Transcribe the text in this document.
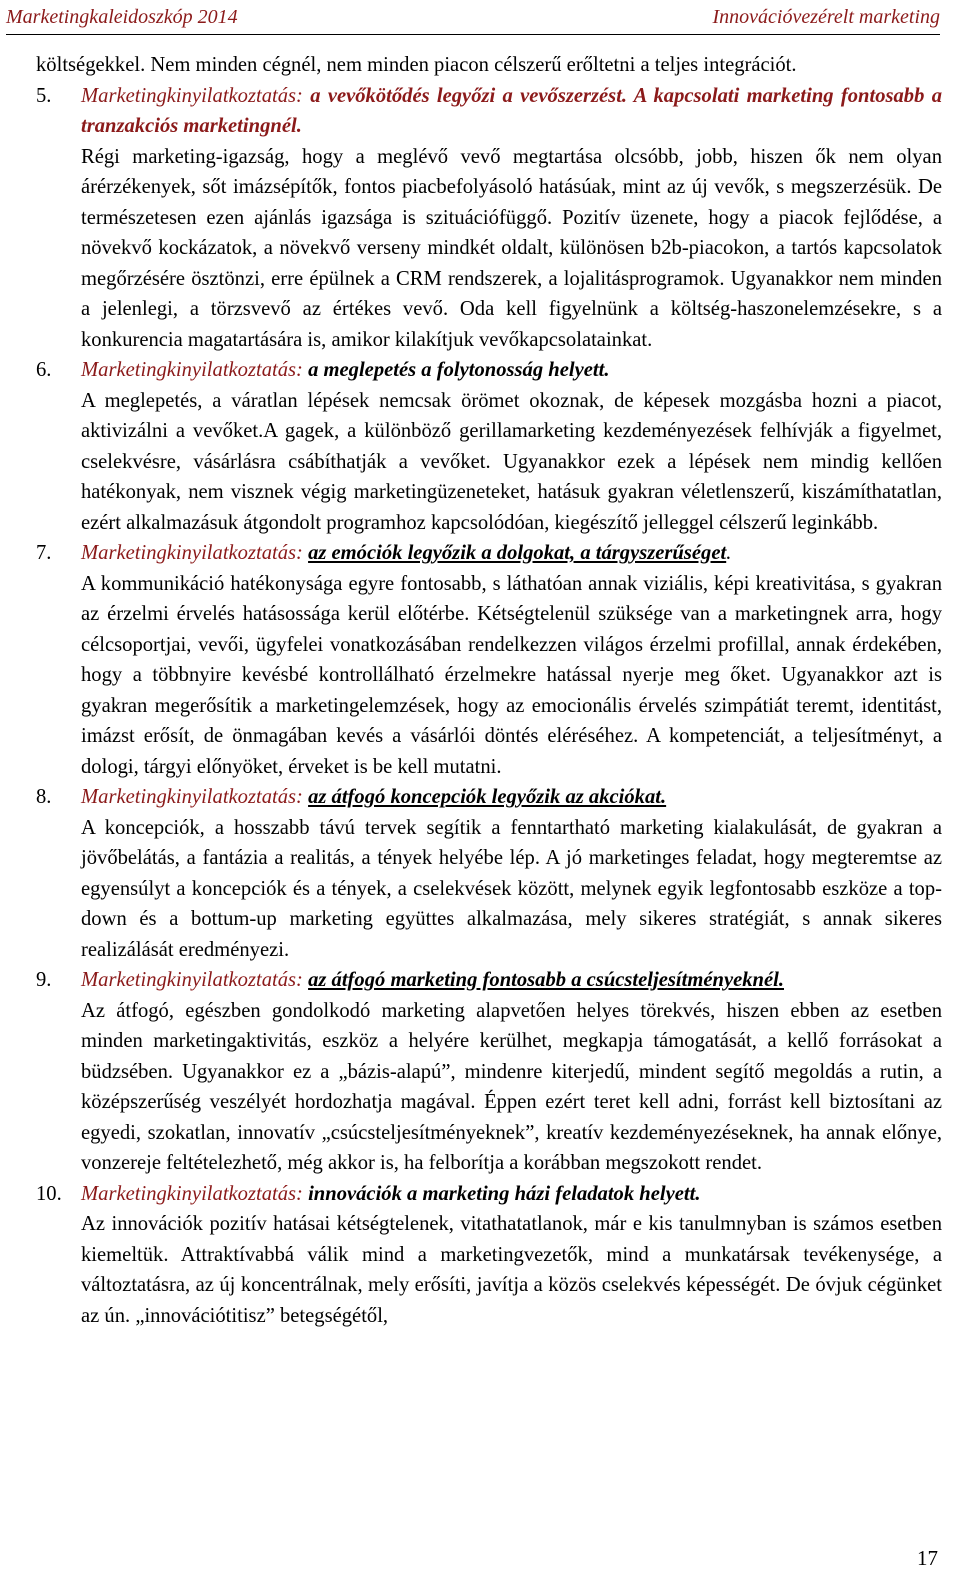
Marketingkaleidoszkóp 2014	Innovációvezérelt marketing

költségekkel. Nem minden cégnél, nem minden piacon célszerű erőltetni a teljes integrációt.

5.	Marketingkinyilatkoztatás: a vevőkötődés legyőzi a vevőszerzést. A kapcsolati marketing fontosabb a tranzakciós marketingnél.

Régi marketing-igazság, hogy a meglévő vevő megtartása olcsóbb, jobb, hiszen ők nem olyan árérzékenyek, sőt imázsépítők, fontos piacbefolyásoló hatásúak, mint az új vevők, s megszerzésük. De természetesen ezen ajánlás igazsága is szituációfüggő. Pozitív üzenete, hogy a piacok fejlődése, a növekvő kockázatok, a növekvő verseny mindkét oldalt, különösen b2b-piacokon, a tartós kapcsolatok megőrzésére ösztönzi, erre épülnek a CRM rendszerek, a lojalitásprogramok. Ugyanakkor nem minden a jelenlegi, a törzsvevő az értékes vevő. Oda kell figyelnünk a költség-haszonelemzésekre, s a konkurencia magatartására is, amikor kilakítjuk vevőkapcsolatainkat.

6.	Marketingkinyilatkoztatás: a meglepetés a folytonosság helyett.

A meglepetés, a váratlan lépések nemcsak örömet okoznak, de képesek mozgásba hozni a piacot, aktivizálni a vevőket.A gagek, a különböző gerillamarketing kezdeményezések felhívják a figyelmet, cselekvésre, vásárlásra csábíthatják a vevőket. Ugyanakkor ezek a lépések nem mindig kellően hatékonyak, nem visznek végig marketingüzeneteket, hatásuk gyakran véletlenszerű, kiszámíthatatlan, ezért alkalmazásuk átgondolt programhoz kapcsolódóan, kiegészítő jelleggel célszerű leginkább.

7.	Marketingkinyilatkoztatás: az emóciók legyőzik a dolgokat, a tárgyszerűséget.

A kommunikáció hatékonysága egyre fontosabb, s láthatóan annak viziális, képi kreativitása, s gyakran az érzelmi érvelés hatásossága kerül előtérbe. Kétségtelenül szüksége van a marketingnek arra, hogy célcsoportjai, vevői, ügyfelei vonatkozásában rendelkezzen világos érzelmi profillal, annak érdekében, hogy a többnyire kevésbé kontrollálható érzelmekre hatással nyerje meg őket. Ugyanakkor azt is gyakran megerősítik a marketingelemzések, hogy az emocionális érvelés szimpátiát teremt, identitást, imázst erősít, de önmagában kevés a vásárlói döntés eléréséhez. A kompetenciát, a teljesítményt, a dologi, tárgyi előnyöket, érveket is be kell mutatni.

8.	Marketingkinyilatkoztatás: az átfogó koncepciók legyőzik az akciókat.

A koncepciók, a hosszabb távú tervek segítik a fenntartható marketing kialakulását, de gyakran a jövőbelátás, a fantázia a realitás, a tények helyébe lép. A jó marketinges feladat, hogy megteremtse az egyensúlyt a koncepciók és a tények, a cselekvések között, melynek egyik legfontosabb eszköze a top-down és a bottum-up marketing együttes alkalmazása, mely sikeres stratégiát, s annak sikeres realizálását eredményezi.

9.	Marketingkinyilatkoztatás: az átfogó marketing fontosabb a csúcsteljesítményeknél.

Az átfogó, egészben gondolkodó marketing alapvetően helyes törekvés, hiszen ebben az esetben minden marketingaktivitás, eszköz a helyére kerülhet, megkapja támogatását, a kellő forrásokat a büdzsében. Ugyanakkor ez a „bázis-alapú”, mindenre kiterjedű, mindent segítő megoldás a rutin, a középszerűség veszélyét hordozhatja magával. Éppen ezért teret kell adni, forrást kell biztosítani az egyedi, szokatlan, innovatív „csúcsteljesítményeknek”, kreatív kezdeményezéseknek, ha annak előnye, vonzereje feltételezhető, még akkor is, ha felborítja a korábban megszokott rendet.

10. Marketingkinyilatkoztatás: innovációk a marketing házi feladatok helyett.

Az innovációk pozitív hatásai kétségtelenek, vitathatatlanok, már e kis tanulmnyban is számos esetben kiemeltük. Attraktívabbá válik mind a marketingvezetők, mind a munkatársak tevékenysége, a változtatásra, az új koncentrálnak, mely erősíti, javítja a közös cselekvés képességét. De óvjuk cégünket az ún. „innovációtitisz” betegségétől,

17
